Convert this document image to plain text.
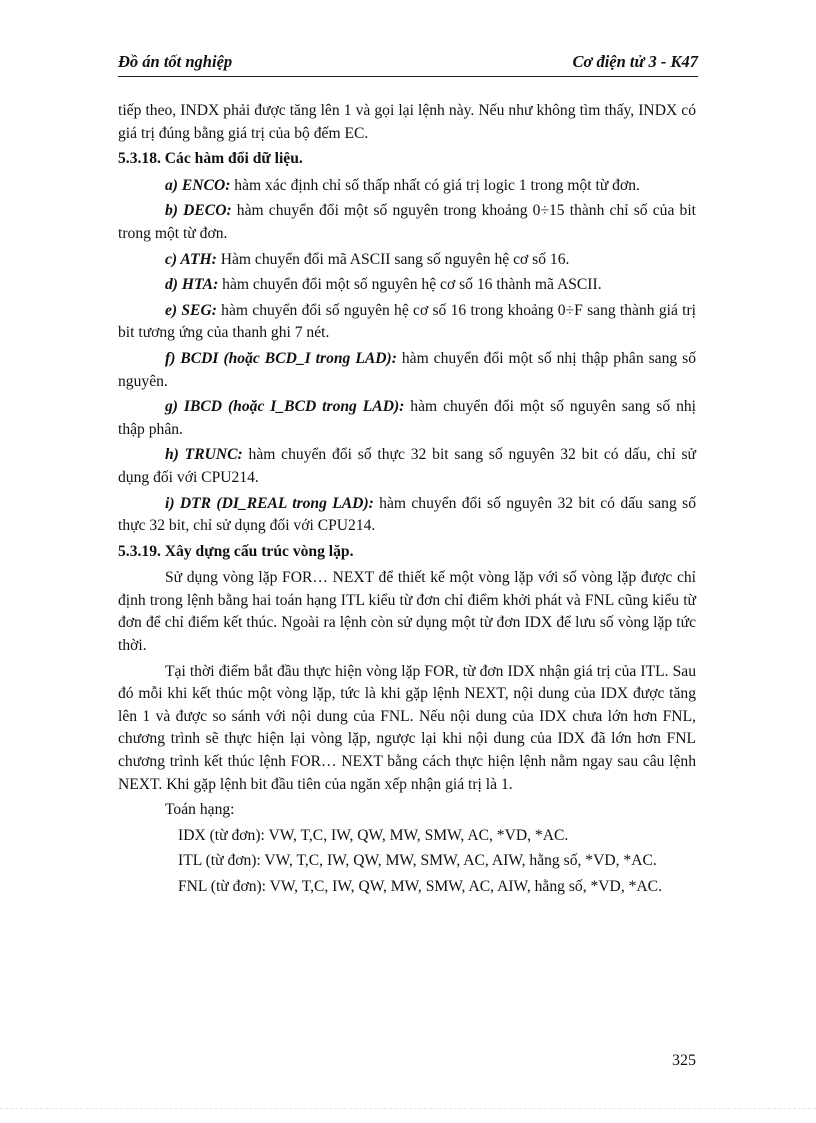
Đồ án tốt nghiệp	Cơ điện tử 3 - K47

tiếp theo, INDX phải được tăng lên 1 và gọi lại lệnh này. Nếu như không tìm thấy, INDX có giá trị đúng bằng giá trị của bộ đếm EC.

5.3.18. Các hàm đổi dữ liệu.

a) ENCO: hàm xác định chỉ số thấp nhất có giá trị logic 1 trong một từ đơn.

b) DECO: hàm chuyển đổi một số nguyên trong khoảng 0÷15 thành chỉ số của bit trong một từ đơn.

c) ATH: Hàm chuyển đổi mã ASCII sang số nguyên hệ cơ số 16.

d) HTA: hàm chuyển đổi một số nguyên hệ cơ số 16 thành mã ASCII.

e) SEG: hàm chuyển đổi số nguyên hệ cơ số 16 trong khoảng 0÷F sang thành giá trị bit tương ứng của thanh ghi 7 nét.

f) BCDI (hoặc BCD_I trong LAD): hàm chuyển đổi một số nhị thập phân sang số nguyên.

g) IBCD (hoặc I_BCD trong LAD): hàm chuyển đổi một số nguyên sang số nhị thập phân.

h) TRUNC: hàm chuyển đổi số thực 32 bit sang số nguyên 32 bit có dấu, chỉ sử dụng đối với CPU214.

i) DTR (DI_REAL trong LAD): hàm chuyển đổi số nguyên 32 bit có dấu sang số thực 32 bit, chỉ sử dụng đối với CPU214.

5.3.19. Xây dựng cấu trúc vòng lặp.

Sử dụng vòng lặp FOR… NEXT để thiết kế một vòng lặp với số vòng lặp được chỉ định trong lệnh bằng hai toán hạng ITL kiểu từ đơn chỉ điểm khởi phát và FNL cũng kiểu từ đơn để chỉ điểm kết thúc. Ngoài ra lệnh còn sử dụng một từ đơn IDX để lưu số vòng lặp tức thời.

Tại thời điểm bắt đầu thực hiện vòng lặp FOR, từ đơn IDX nhận giá trị của ITL. Sau đó mỗi khi kết thúc một vòng lặp, tức là khi gặp lệnh NEXT, nội dung của IDX được tăng lên 1 và được so sánh với nội dung của FNL. Nếu nội dung của IDX chưa lớn hơn FNL, chương trình sẽ thực hiện lại vòng lặp, ngược lại khi nội dung của IDX đã lớn hơn FNL chương trình kết thúc lệnh FOR… NEXT bằng cách thực hiện lệnh nằm ngay sau câu lệnh NEXT. Khi gặp lệnh bit đầu tiên của ngăn xếp nhận giá trị là 1.

Toán hạng:

IDX (từ đơn): VW, T,C, IW, QW, MW, SMW, AC, *VD, *AC.

ITL (từ đơn): VW, T,C, IW, QW, MW, SMW, AC, AIW, hằng số, *VD, *AC.

FNL (từ đơn): VW, T,C, IW, QW, MW, SMW, AC, AIW, hằng số, *VD, *AC.

325
